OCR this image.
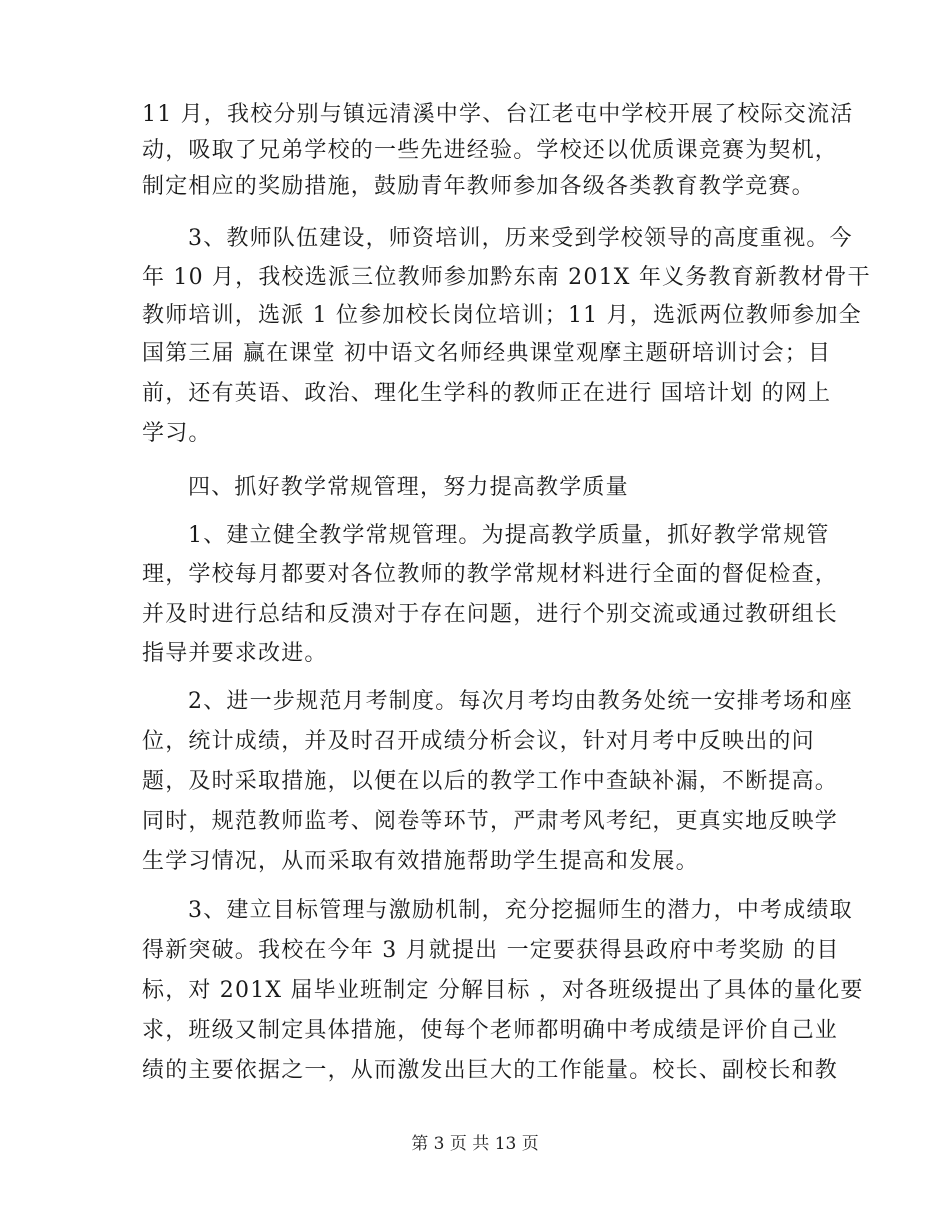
11 月，我校分别与镇远清溪中学、台江老屯中学校开展了校际交流活
动，吸取了兄弟学校的一些先进经验。学校还以优质课竞赛为契机，
制定相应的奖励措施，鼓励青年教师参加各级各类教育教学竞赛。
3、教师队伍建设，师资培训，历来受到学校领导的高度重视。今
年 10 月，我校选派三位教师参加黔东南 201X 年义务教育新教材骨干
教师培训，选派 1 位参加校长岗位培训；11 月，选派两位教师参加全
国第三届 赢在课堂 初中语文名师经典课堂观摩主题研培训讨会；目
前，还有英语、政治、理化生学科的教师正在进行 国培计划 的网上
学习。
四、抓好教学常规管理，努力提高教学质量
1、建立健全教学常规管理。为提高教学质量，抓好教学常规管
理，学校每月都要对各位教师的教学常规材料进行全面的督促检查，
并及时进行总结和反溃对于存在问题，进行个别交流或通过教研组长
指导并要求改进。
2、进一步规范月考制度。每次月考均由教务处统一安排考场和座
位，统计成绩，并及时召开成绩分析会议，针对月考中反映出的问
题，及时采取措施，以便在以后的教学工作中查缺补漏，不断提高。
同时，规范教师监考、阅卷等环节，严肃考风考纪，更真实地反映学
生学习情况，从而采取有效措施帮助学生提高和发展。
3、建立目标管理与激励机制，充分挖掘师生的潜力，中考成绩取
得新突破。我校在今年 3 月就提出 一定要获得县政府中考奖励 的目
标，对 201X 届毕业班制定 分解目标 ，对各班级提出了具体的量化要
求，班级又制定具体措施，使每个老师都明确中考成绩是评价自己业
绩的主要依据之一，从而激发出巨大的工作能量。校长、副校长和教
第 3 页 共 13 页
